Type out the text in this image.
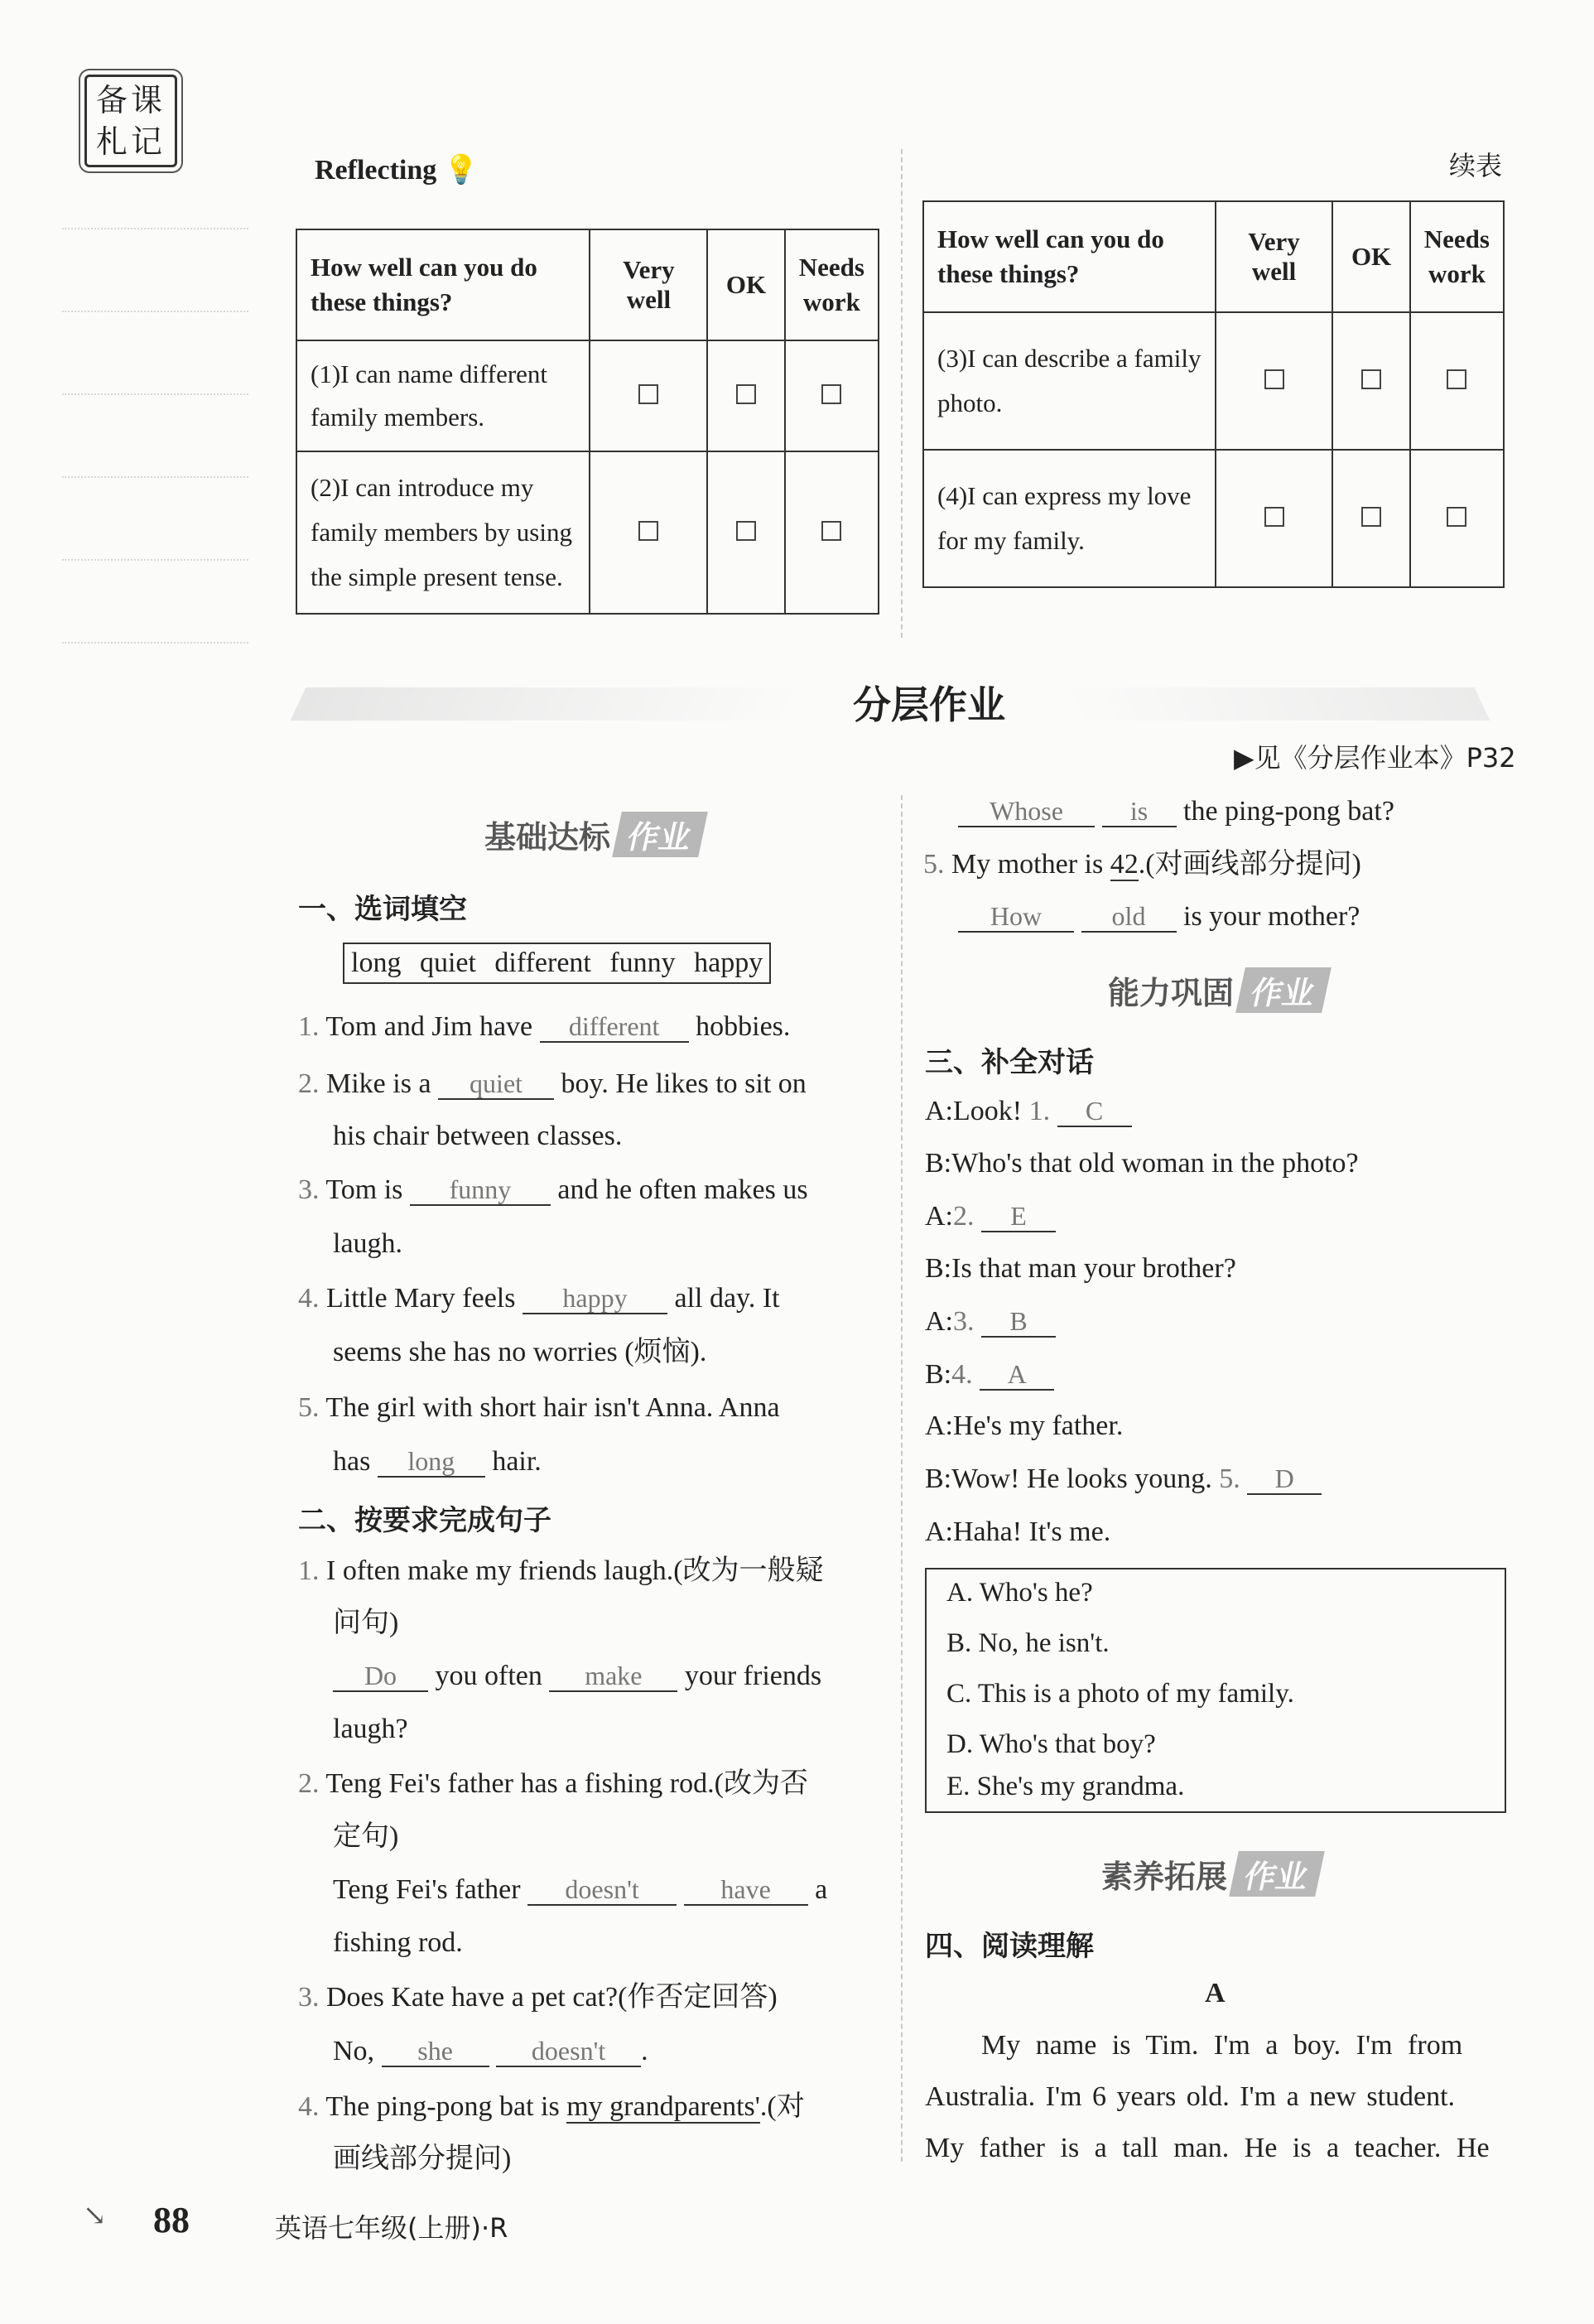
备课
札记
Reflecting 💡	续表
How well can you do these things?	Very well	OK	Needs work
(1)I can name different family members.			
(2)I can introduce my family members by using the simple present tense.			
How well can you do these things?	Very well	OK	Needs work
(3)I can describe a family photo.			
(4)I can express my love for my family.			
分层作业
▶见《分层作业本》P32
基础达标 作业
一、选词填空
long quiet different funny happy
1. Tom and Jim have different hobbies.
2. Mike is a quiet boy. He likes to sit on
his chair between classes.
3. Tom is funny and he often makes us
laugh.
4. Little Mary feels happy all day. It
seems she has no worries (烦恼).
5. The girl with short hair isn't Anna. Anna
has long hair.
二、按要求完成句子
1. I often make my friends laugh.(改为一般疑
问句)
Do you often make your friends
laugh?
2. Teng Fei's father has a fishing rod.(改为否
定句)
Teng Fei's father doesn't	have a
fishing rod.
3. Does Kate have a pet cat?(作否定回答)
No, she	doesn't .
4. The ping-pong bat is my grandparents'.(对
画线部分提问)
Whose	is the ping-pong bat?
5. My mother is 42.(对画线部分提问)
How	old is your mother?
能力巩固 作业
三、补全对话
A:Look! 1. C
B:Who's that old woman in the photo?
A:2. E
B:Is that man your brother?
A:3. B
B:4. A
A:He's my father.
B:Wow! He looks young. 5. D
A:Haha! It's me.
A. Who's he?
B. No, he isn't.
C. This is a photo of my family.
D. Who's that boy?
E. She's my grandma.
素养拓展 作业
四、阅读理解
A
My name is Tim. I'm a boy. I'm from
Australia. I'm 6 years old. I'm a new student.
My father is a tall man. He is a teacher. He
↘ 88	英语七年级(上册)·R
